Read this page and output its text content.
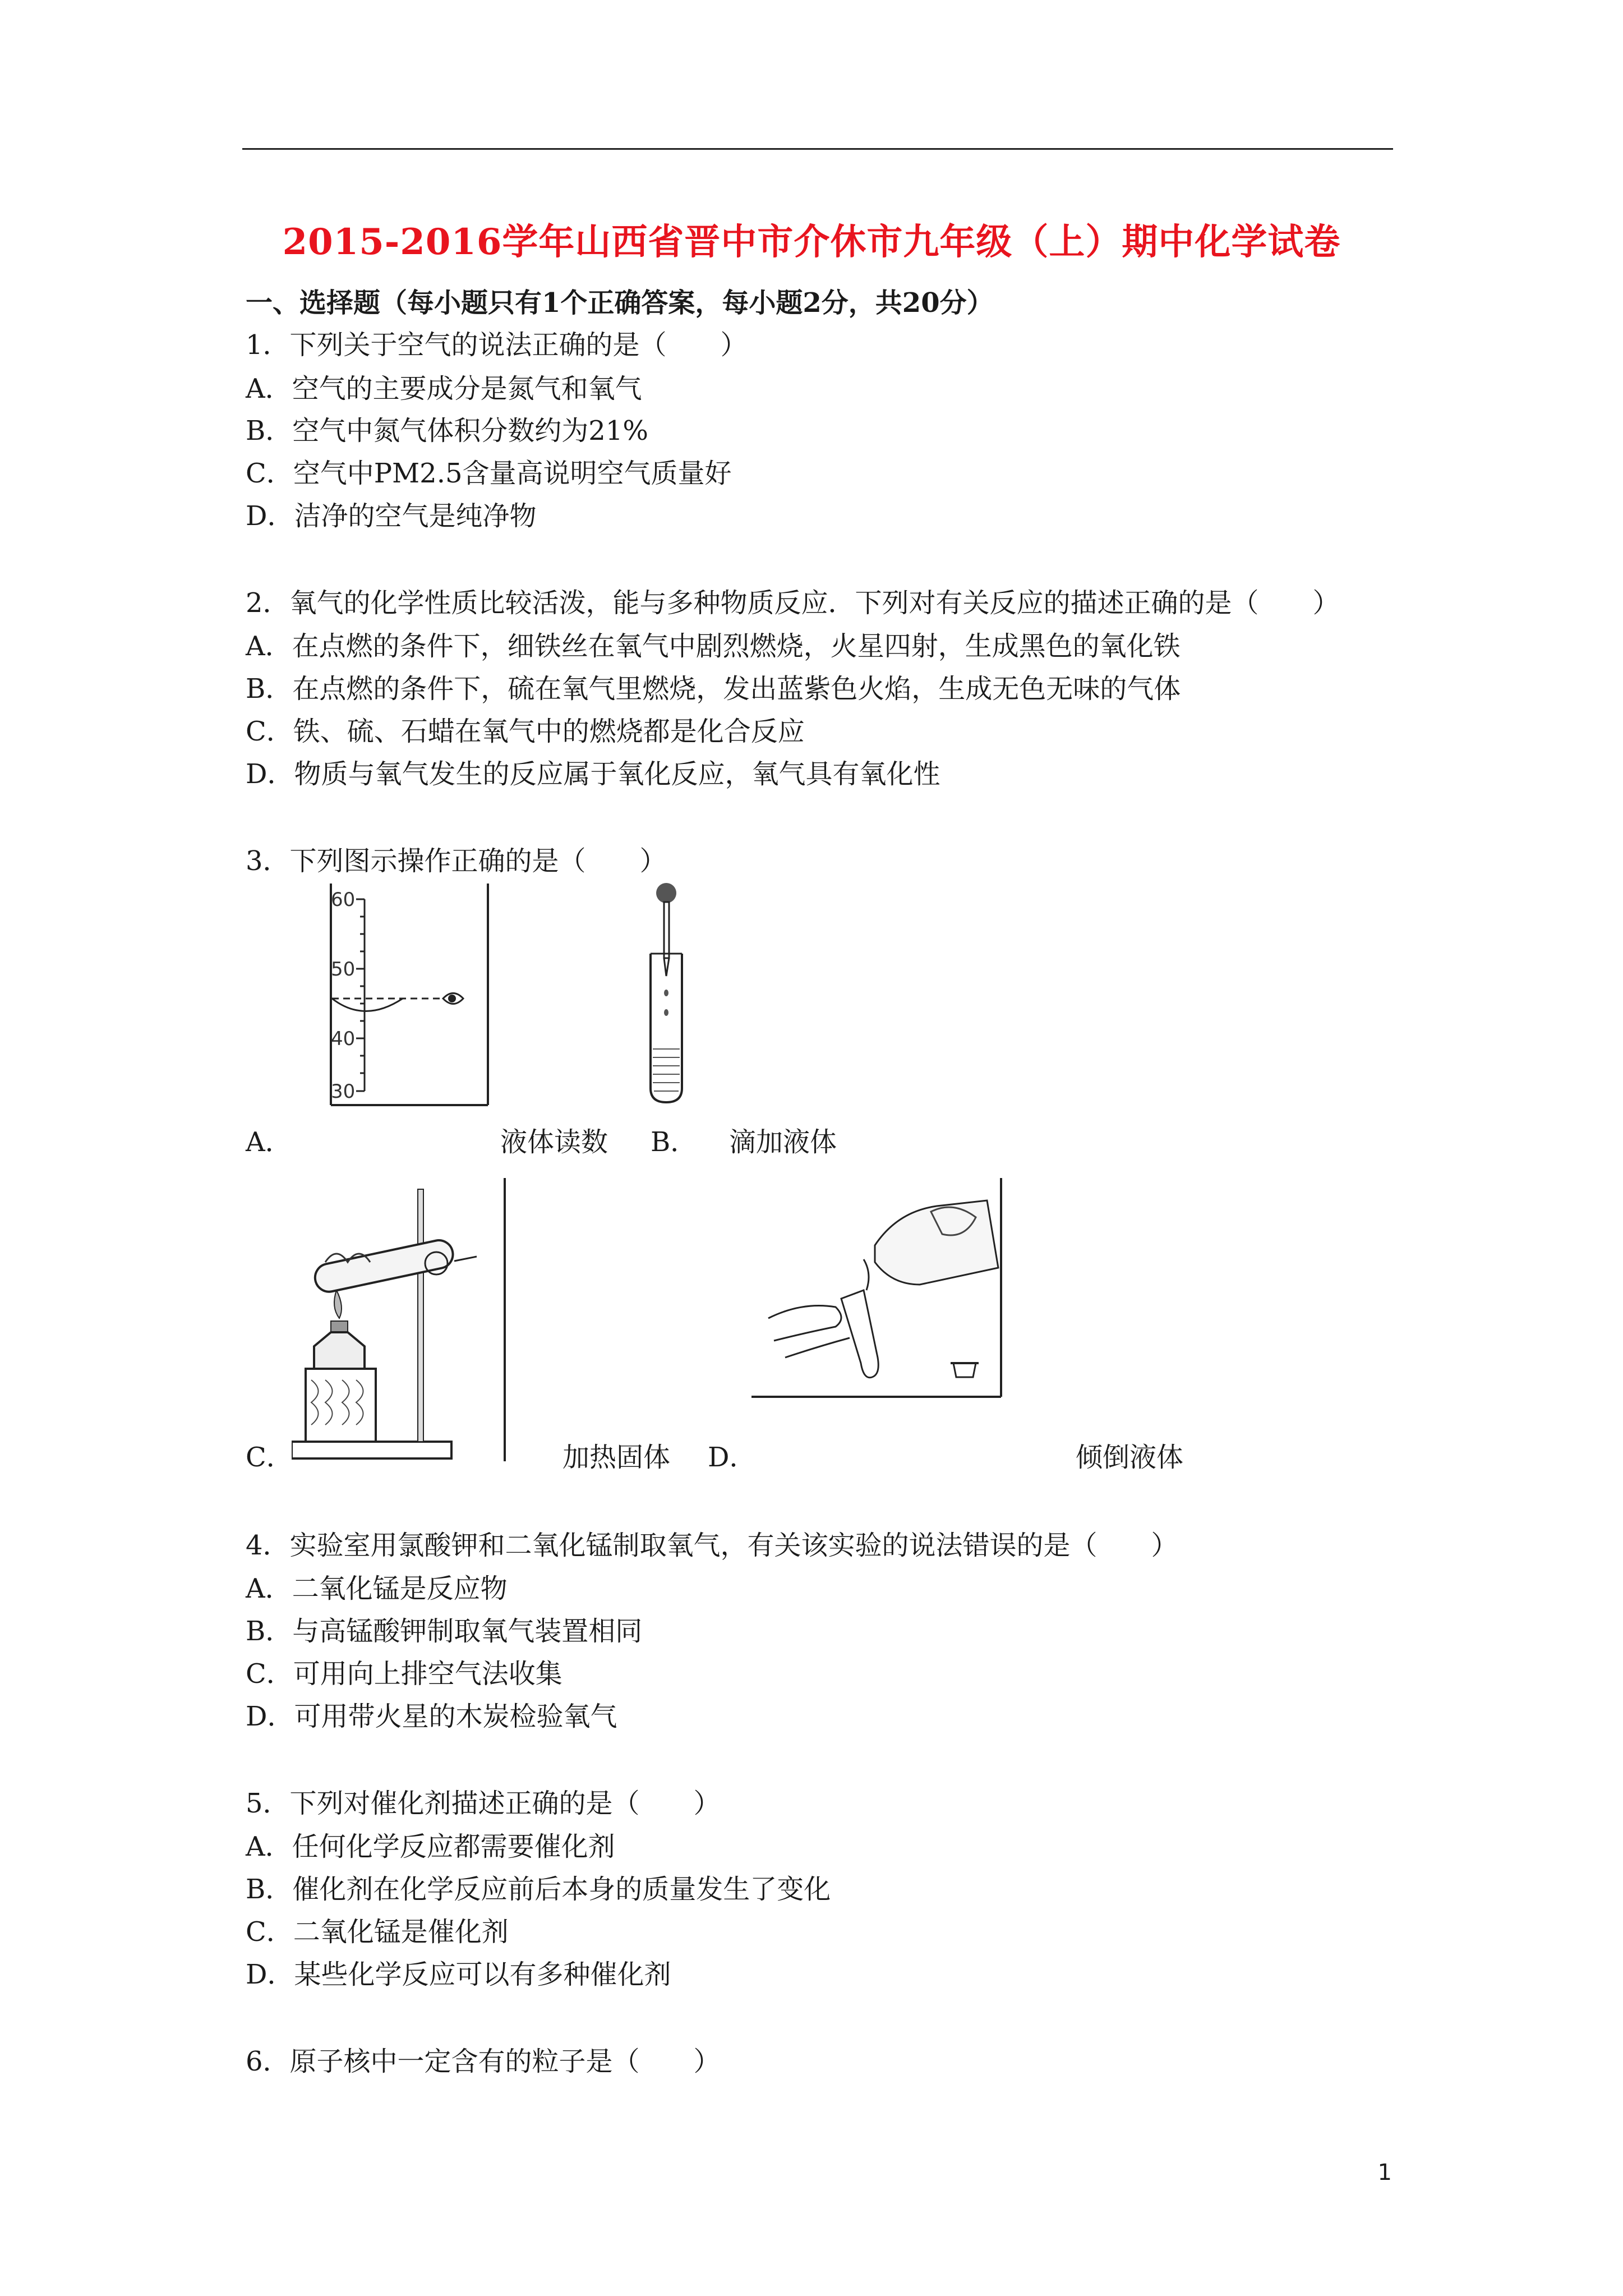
2015-2016学年山西省晋中市介休市九年级（上）期中化学试卷
一、选择题（每小题只有1个正确答案，每小题2分，共20分）
1．下列关于空气的说法正确的是（　　）
A．空气的主要成分是氮气和氧气
B．空气中氮气体积分数约为21%
C．空气中PM2.5含量高说明空气质量好
D．洁净的空气是纯净物
2．氧气的化学性质比较活泼，能与多种物质反应．下列对有关反应的描述正确的是（　　）
A．在点燃的条件下，细铁丝在氧气中剧烈燃烧，火星四射，生成黑色的氧化铁
B．在点燃的条件下，硫在氧气里燃烧，发出蓝紫色火焰，生成无色无味的气体
C．铁、硫、石蜡在氧气中的燃烧都是化合反应
D．物质与氧气发生的反应属于氧化反应，氧气具有氧化性
3．下列图示操作正确的是（　　）
60
50
40
30
A．	液体读数 B． 滴加液体
C．	加热固体 D．	倾倒液体
4．实验室用氯酸钾和二氧化锰制取氧气，有关该实验的说法错误的是（　　）
A．二氧化锰是反应物
B．与高锰酸钾制取氧气装置相同
C．可用向上排空气法收集
D．可用带火星的木炭检验氧气
5．下列对催化剂描述正确的是（　　）
A．任何化学反应都需要催化剂
B．催化剂在化学反应前后本身的质量发生了变化
C．二氧化锰是催化剂
D．某些化学反应可以有多种催化剂
6．原子核中一定含有的粒子是（　　）
1
